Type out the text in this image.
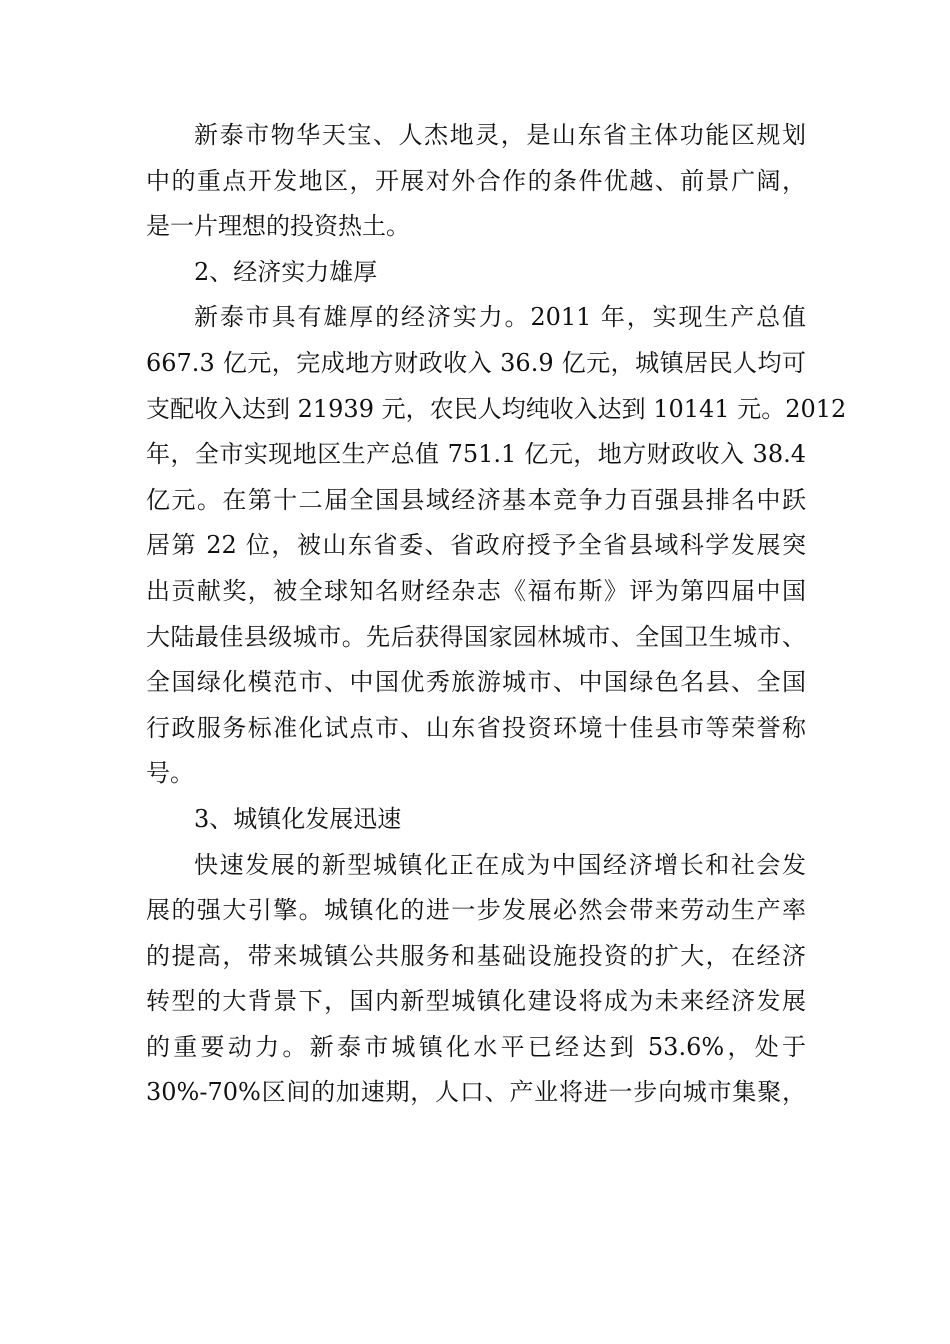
新泰市物华天宝、人杰地灵，是山东省主体功能区规划
中的重点开发地区，开展对外合作的条件优越、前景广阔，
是一片理想的投资热土。
2、经济实力雄厚
新泰市具有雄厚的经济实力。2011 年，实现生产总值
667.3 亿元，完成地方财政收入 36.9 亿元，城镇居民人均可
支配收入达到 21939 元，农民人均纯收入达到 10141 元。2012
年，全市实现地区生产总值 751.1 亿元，地方财政收入 38.4
亿元。在第十二届全国县域经济基本竞争力百强县排名中跃
居第 22 位，被山东省委、省政府授予全省县域科学发展突
出贡献奖，被全球知名财经杂志《福布斯》评为第四届中国
大陆最佳县级城市。先后获得国家园林城市、全国卫生城市、
全国绿化模范市、中国优秀旅游城市、中国绿色名县、全国
行政服务标准化试点市、山东省投资环境十佳县市等荣誉称
号。
3、城镇化发展迅速
快速发展的新型城镇化正在成为中国经济增长和社会发
展的强大引擎。城镇化的进一步发展必然会带来劳动生产率
的提高，带来城镇公共服务和基础设施投资的扩大，在经济
转型的大背景下，国内新型城镇化建设将成为未来经济发展
的重要动力。新泰市城镇化水平已经达到 53.6%，处于
30%-70%区间的加速期，人口、产业将进一步向城市集聚，
